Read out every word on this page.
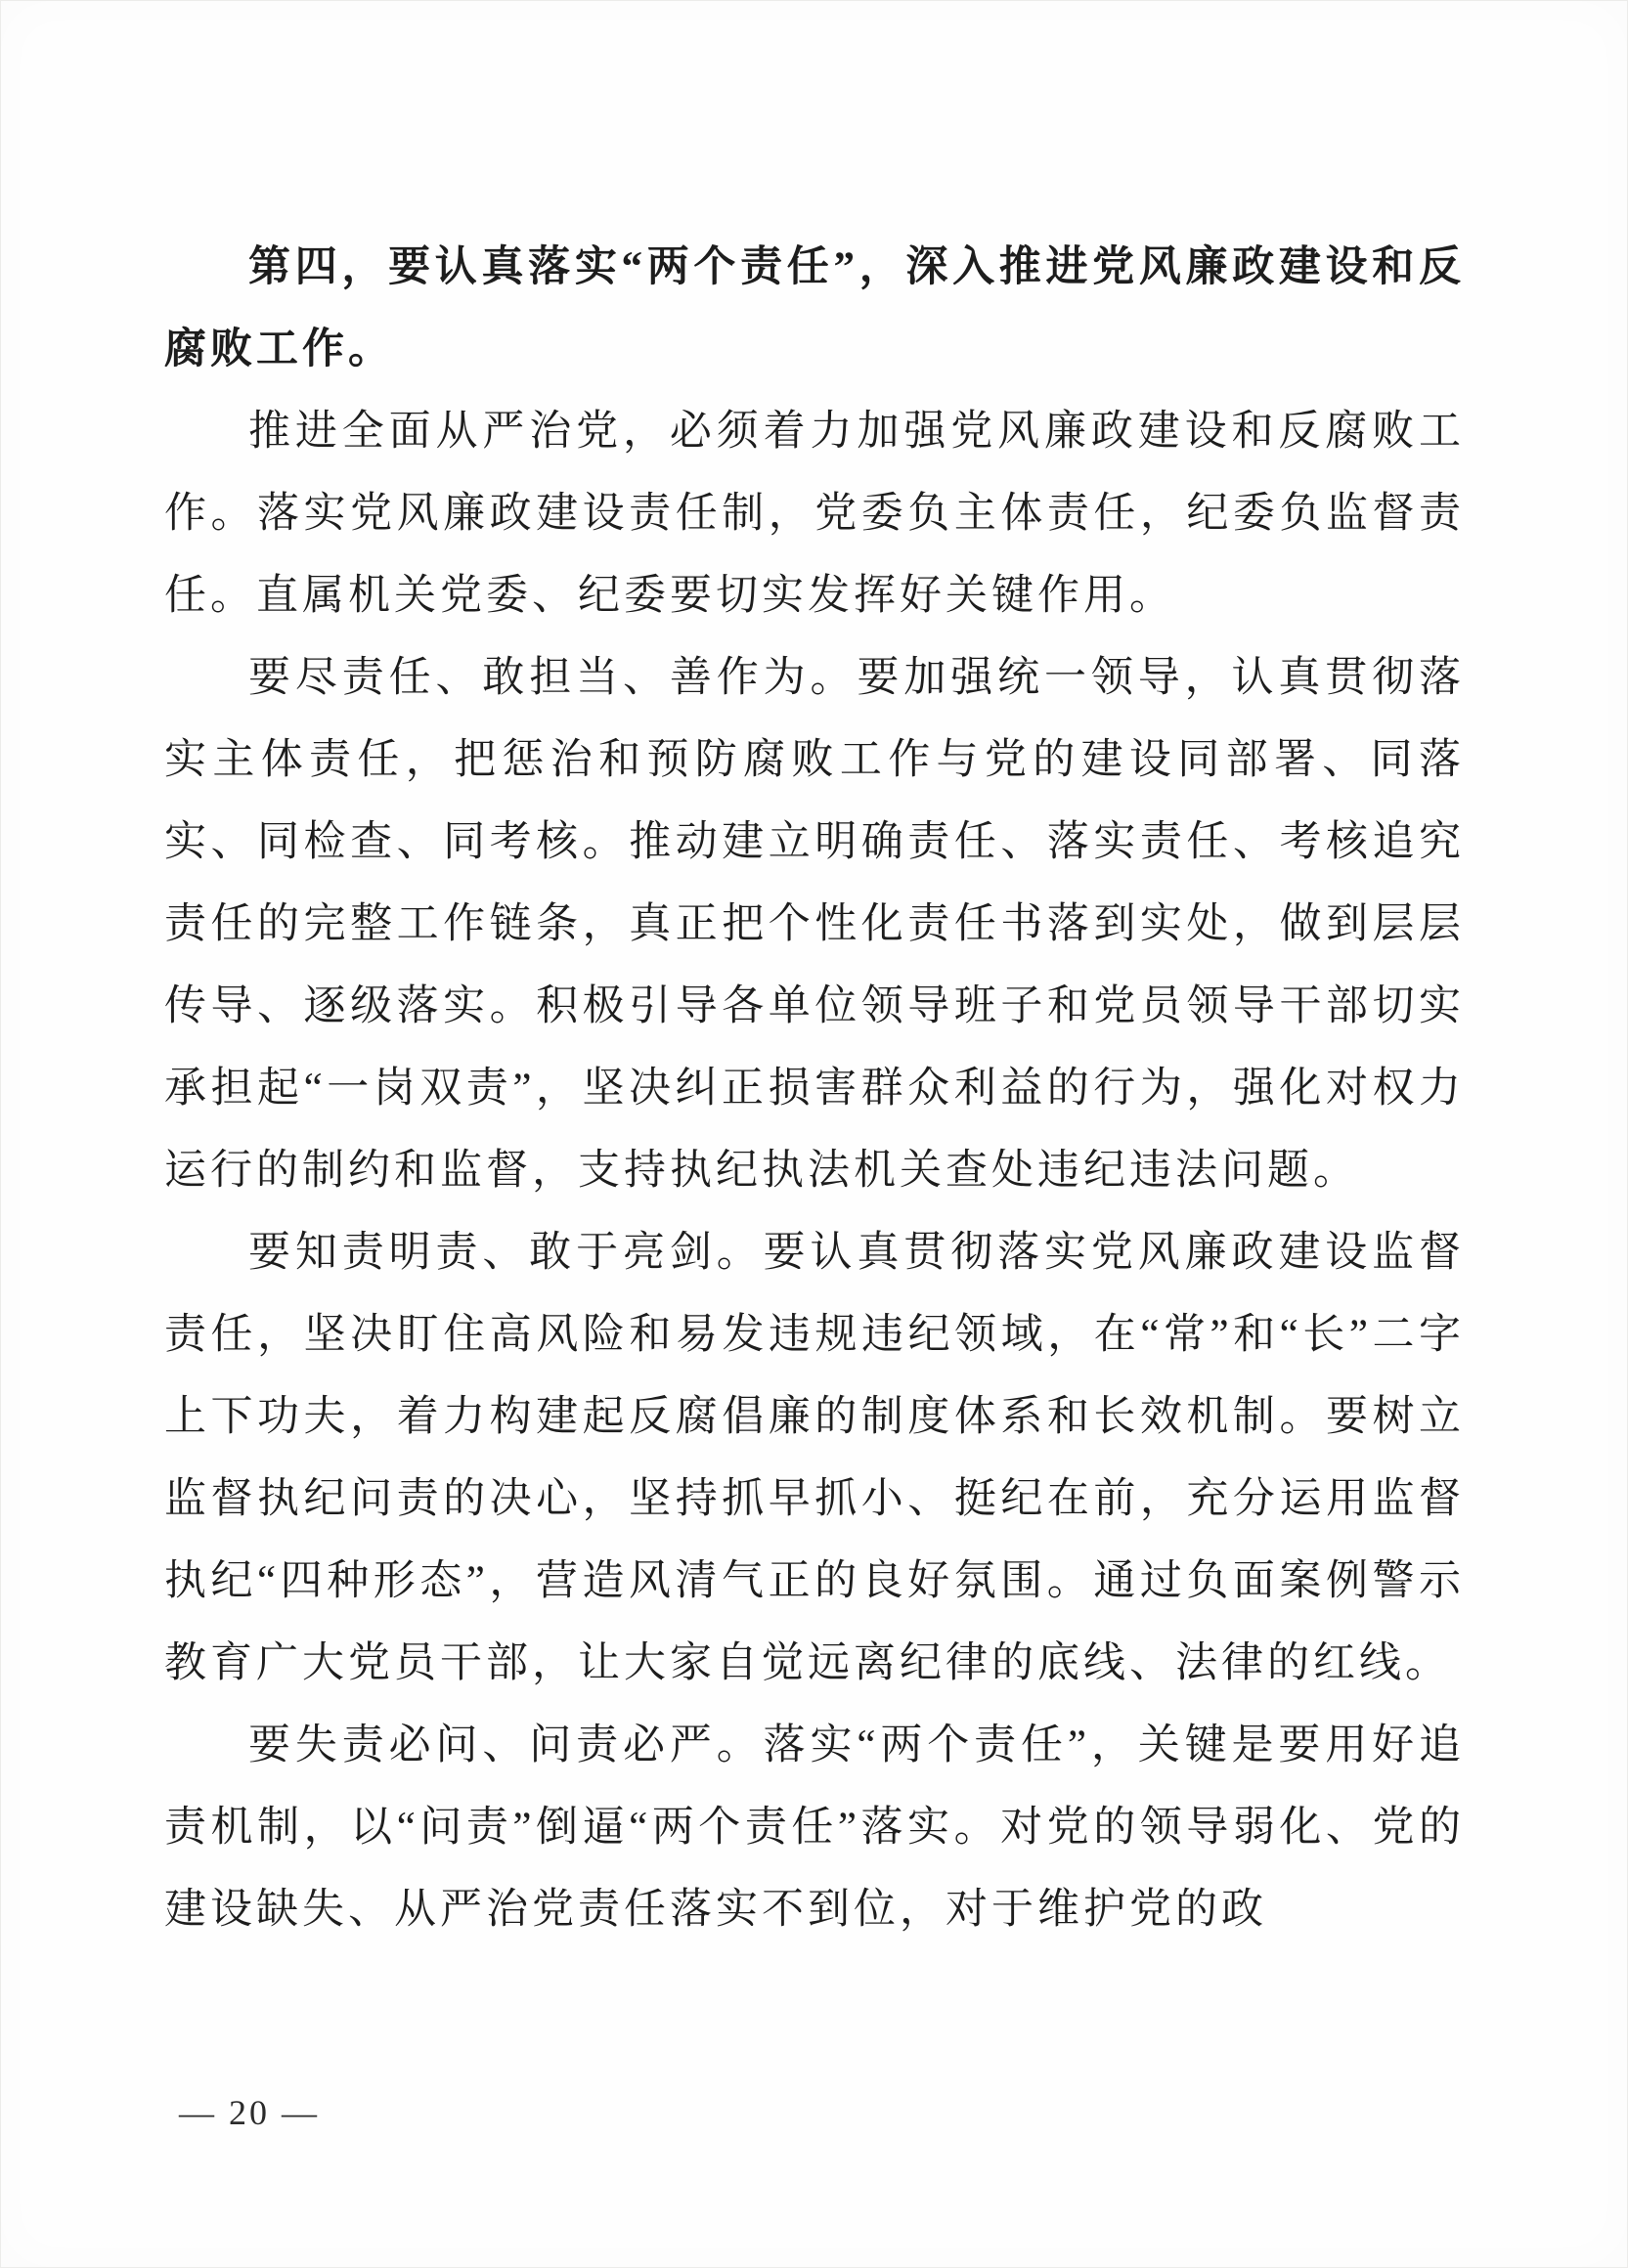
第四，要认真落实“两个责任”，深入推进党风廉政建设和反腐败工作。

推进全面从严治党，必须着力加强党风廉政建设和反腐败工作。落实党风廉政建设责任制，党委负主体责任，纪委负监督责任。直属机关党委、纪委要切实发挥好关键作用。

要尽责任、敢担当、善作为。要加强统一领导，认真贯彻落实主体责任，把惩治和预防腐败工作与党的建设同部署、同落实、同检查、同考核。推动建立明确责任、落实责任、考核追究责任的完整工作链条，真正把个性化责任书落到实处，做到层层传导、逐级落实。积极引导各单位领导班子和党员领导干部切实承担起“一岗双责”，坚决纠正损害群众利益的行为，强化对权力运行的制约和监督，支持执纪执法机关查处违纪违法问题。

要知责明责、敢于亮剑。要认真贯彻落实党风廉政建设监督责任，坚决盯住高风险和易发违规违纪领域，在“常”和“长”二字上下功夫，着力构建起反腐倡廉的制度体系和长效机制。要树立监督执纪问责的决心，坚持抓早抓小、挺纪在前，充分运用监督执纪“四种形态”，营造风清气正的良好氛围。通过负面案例警示教育广大党员干部，让大家自觉远离纪律的底线、法律的红线。

要失责必问、问责必严。落实“两个责任”，关键是要用好追责机制，以“问责”倒逼“两个责任”落实。对党的领导弱化、党的建设缺失、从严治党责任落实不到位，对于维护党的政

— 20 —
